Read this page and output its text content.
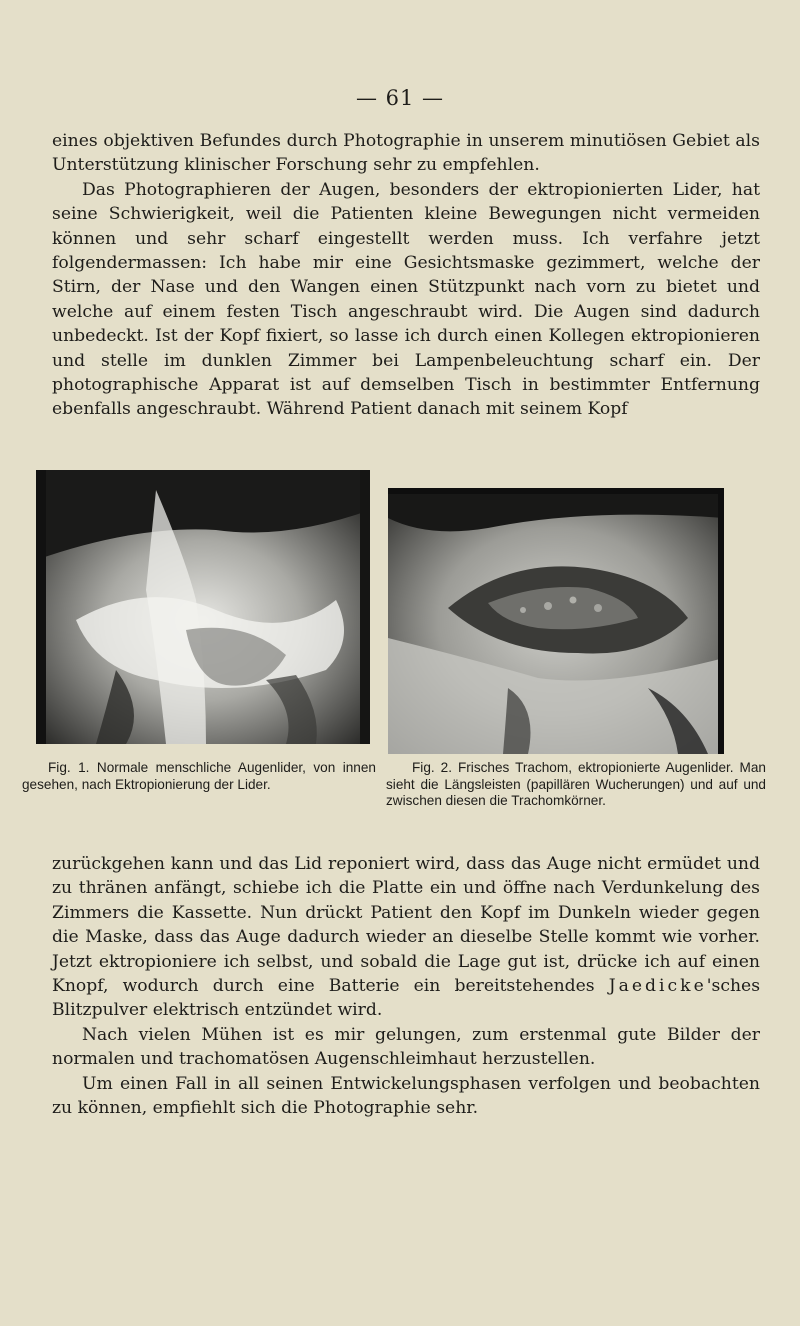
— 61 —

eines objektiven Befundes durch Photographie in unserem minutiösen Gebiet als Unterstützung klinischer Forschung sehr zu empfehlen.

Das Photographieren der Augen, besonders der ektropionierten Lider, hat seine Schwierigkeit, weil die Patienten kleine Bewegungen nicht vermeiden können und sehr scharf eingestellt werden muss. Ich verfahre jetzt folgendermassen: Ich habe mir eine Gesichtsmaske gezimmert, welche der Stirn, der Nase und den Wangen einen Stützpunkt nach vorn zu bietet und welche auf einem festen Tisch angeschraubt wird. Die Augen sind dadurch unbedeckt. Ist der Kopf fixiert, so lasse ich durch einen Kollegen ektropionieren und stelle im dunklen Zimmer bei Lampenbeleuchtung scharf ein. Der photographische Apparat ist auf demselben Tisch in bestimmter Entfernung ebenfalls angeschraubt. Während Patient danach mit seinem Kopf

Fig. 1. Normale menschliche Augenlider, von innen gesehen, nach Ektropionierung der Lider.

Fig. 2. Frisches Trachom, ektropionierte Augenlider. Man sieht die Längsleisten (papillären Wucherungen) und auf und zwischen diesen die Trachomkörner.

zurückgehen kann und das Lid reponiert wird, dass das Auge nicht ermüdet und zu thränen anfängt, schiebe ich die Platte ein und öffne nach Verdunkelung des Zimmers die Kassette. Nun drückt Patient den Kopf im Dunkeln wieder gegen die Maske, dass das Auge dadurch wieder an dieselbe Stelle kommt wie vorher. Jetzt ektropioniere ich selbst, und sobald die Lage gut ist, drücke ich auf einen Knopf, wodurch durch eine Batterie ein bereitstehendes Jaedicke'sches Blitzpulver elektrisch entzündet wird.

Nach vielen Mühen ist es mir gelungen, zum erstenmal gute Bilder der normalen und trachomatösen Augenschleimhaut herzustellen.

Um einen Fall in all seinen Entwickelungsphasen verfolgen und beobachten zu können, empfiehlt sich die Photographie sehr.
